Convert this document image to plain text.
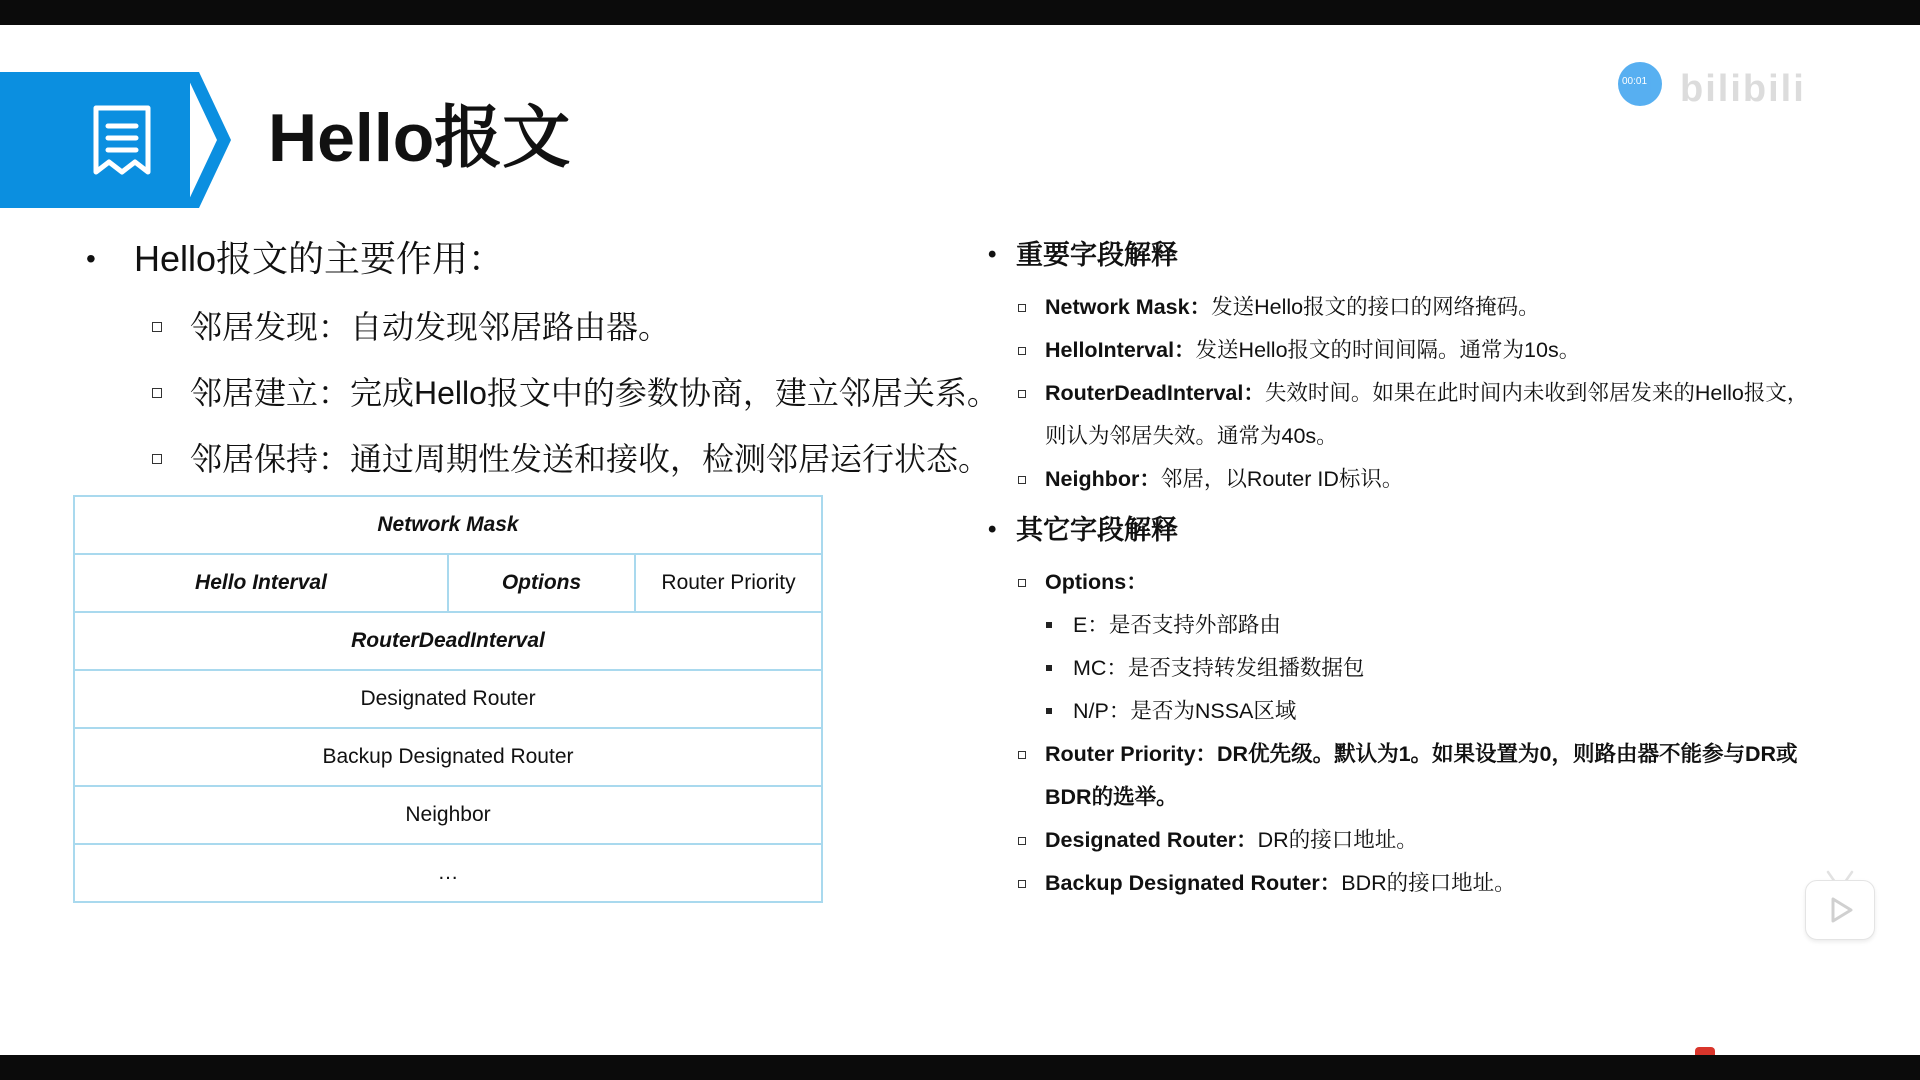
Hello报文
00:01 bilibili
• Hello报文的主要作用：
邻居发现：自动发现邻居路由器。
邻居建立：完成Hello报文中的参数协商，建立邻居关系。
邻居保持：通过周期性发送和接收，检测邻居运行状态。
Network Mask
Hello Interval	Options	Router Priority
RouterDeadInterval
Designated Router
Backup Designated Router
Neighbor
…
• 重要字段解释
Network Mask：发送Hello报文的接口的网络掩码。
HelloInterval：发送Hello报文的时间间隔。通常为10s。
RouterDeadInterval：失效时间。如果在此时间内未收到邻居发来的Hello报文，
则认为邻居失效。通常为40s。
Neighbor：邻居，以Router ID标识。
• 其它字段解释
Options：
E：是否支持外部路由
MC：是否支持转发组播数据包
N/P：是否为NSSA区域
Router Priority：DR优先级。默认为1。如果设置为0，则路由器不能参与DR或
BDR的选举。
Designated Router：DR的接口地址。
Backup Designated Router：BDR的接口地址。
